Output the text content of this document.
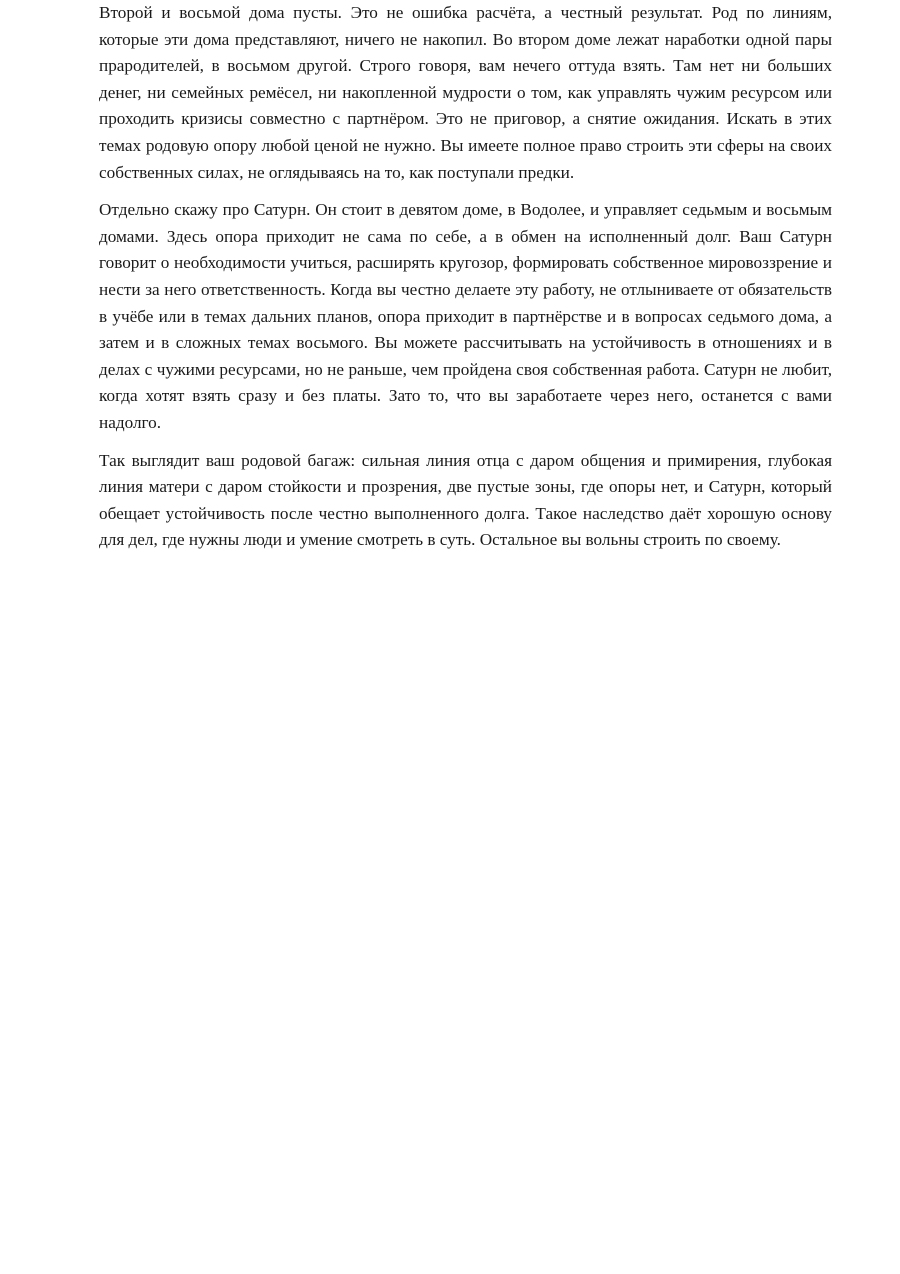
Второй и восьмой дома пусты. Это не ошибка расчёта, а честный результат. Род по линиям, которые эти дома представляют, ничего не накопил. Во втором доме лежат наработки одной пары прародителей, в восьмом другой. Строго говоря, вам нечего оттуда взять. Там нет ни больших денег, ни семейных ремёсел, ни накопленной мудрости о том, как управлять чужим ресурсом или проходить кризисы совместно с партнёром. Это не приговор, а снятие ожидания. Искать в этих темах родовую опору любой ценой не нужно. Вы имеете полное право строить эти сферы на своих собственных силах, не оглядываясь на то, как поступали предки.

Отдельно скажу про Сатурн. Он стоит в девятом доме, в Водолее, и управляет седьмым и восьмым домами. Здесь опора приходит не сама по себе, а в обмен на исполненный долг. Ваш Сатурн говорит о необходимости учиться, расширять кругозор, формировать собственное мировоззрение и нести за него ответственность. Когда вы честно делаете эту работу, не отлыниваете от обязательств в учёбе или в темах дальних планов, опора приходит в партнёрстве и в вопросах седьмого дома, а затем и в сложных темах восьмого. Вы можете рассчитывать на устойчивость в отношениях и в делах с чужими ресурсами, но не раньше, чем пройдена своя собственная работа. Сатурн не любит, когда хотят взять сразу и без платы. Зато то, что вы заработаете через него, останется с вами надолго.

Так выглядит ваш родовой багаж: сильная линия отца с даром общения и примирения, глубокая линия матери с даром стойкости и прозрения, две пустые зоны, где опоры нет, и Сатурн, который обещает устойчивость после честно выполненного долга. Такое наследство даёт хорошую основу для дел, где нужны люди и умение смотреть в суть. Остальное вы вольны строить по своему.
